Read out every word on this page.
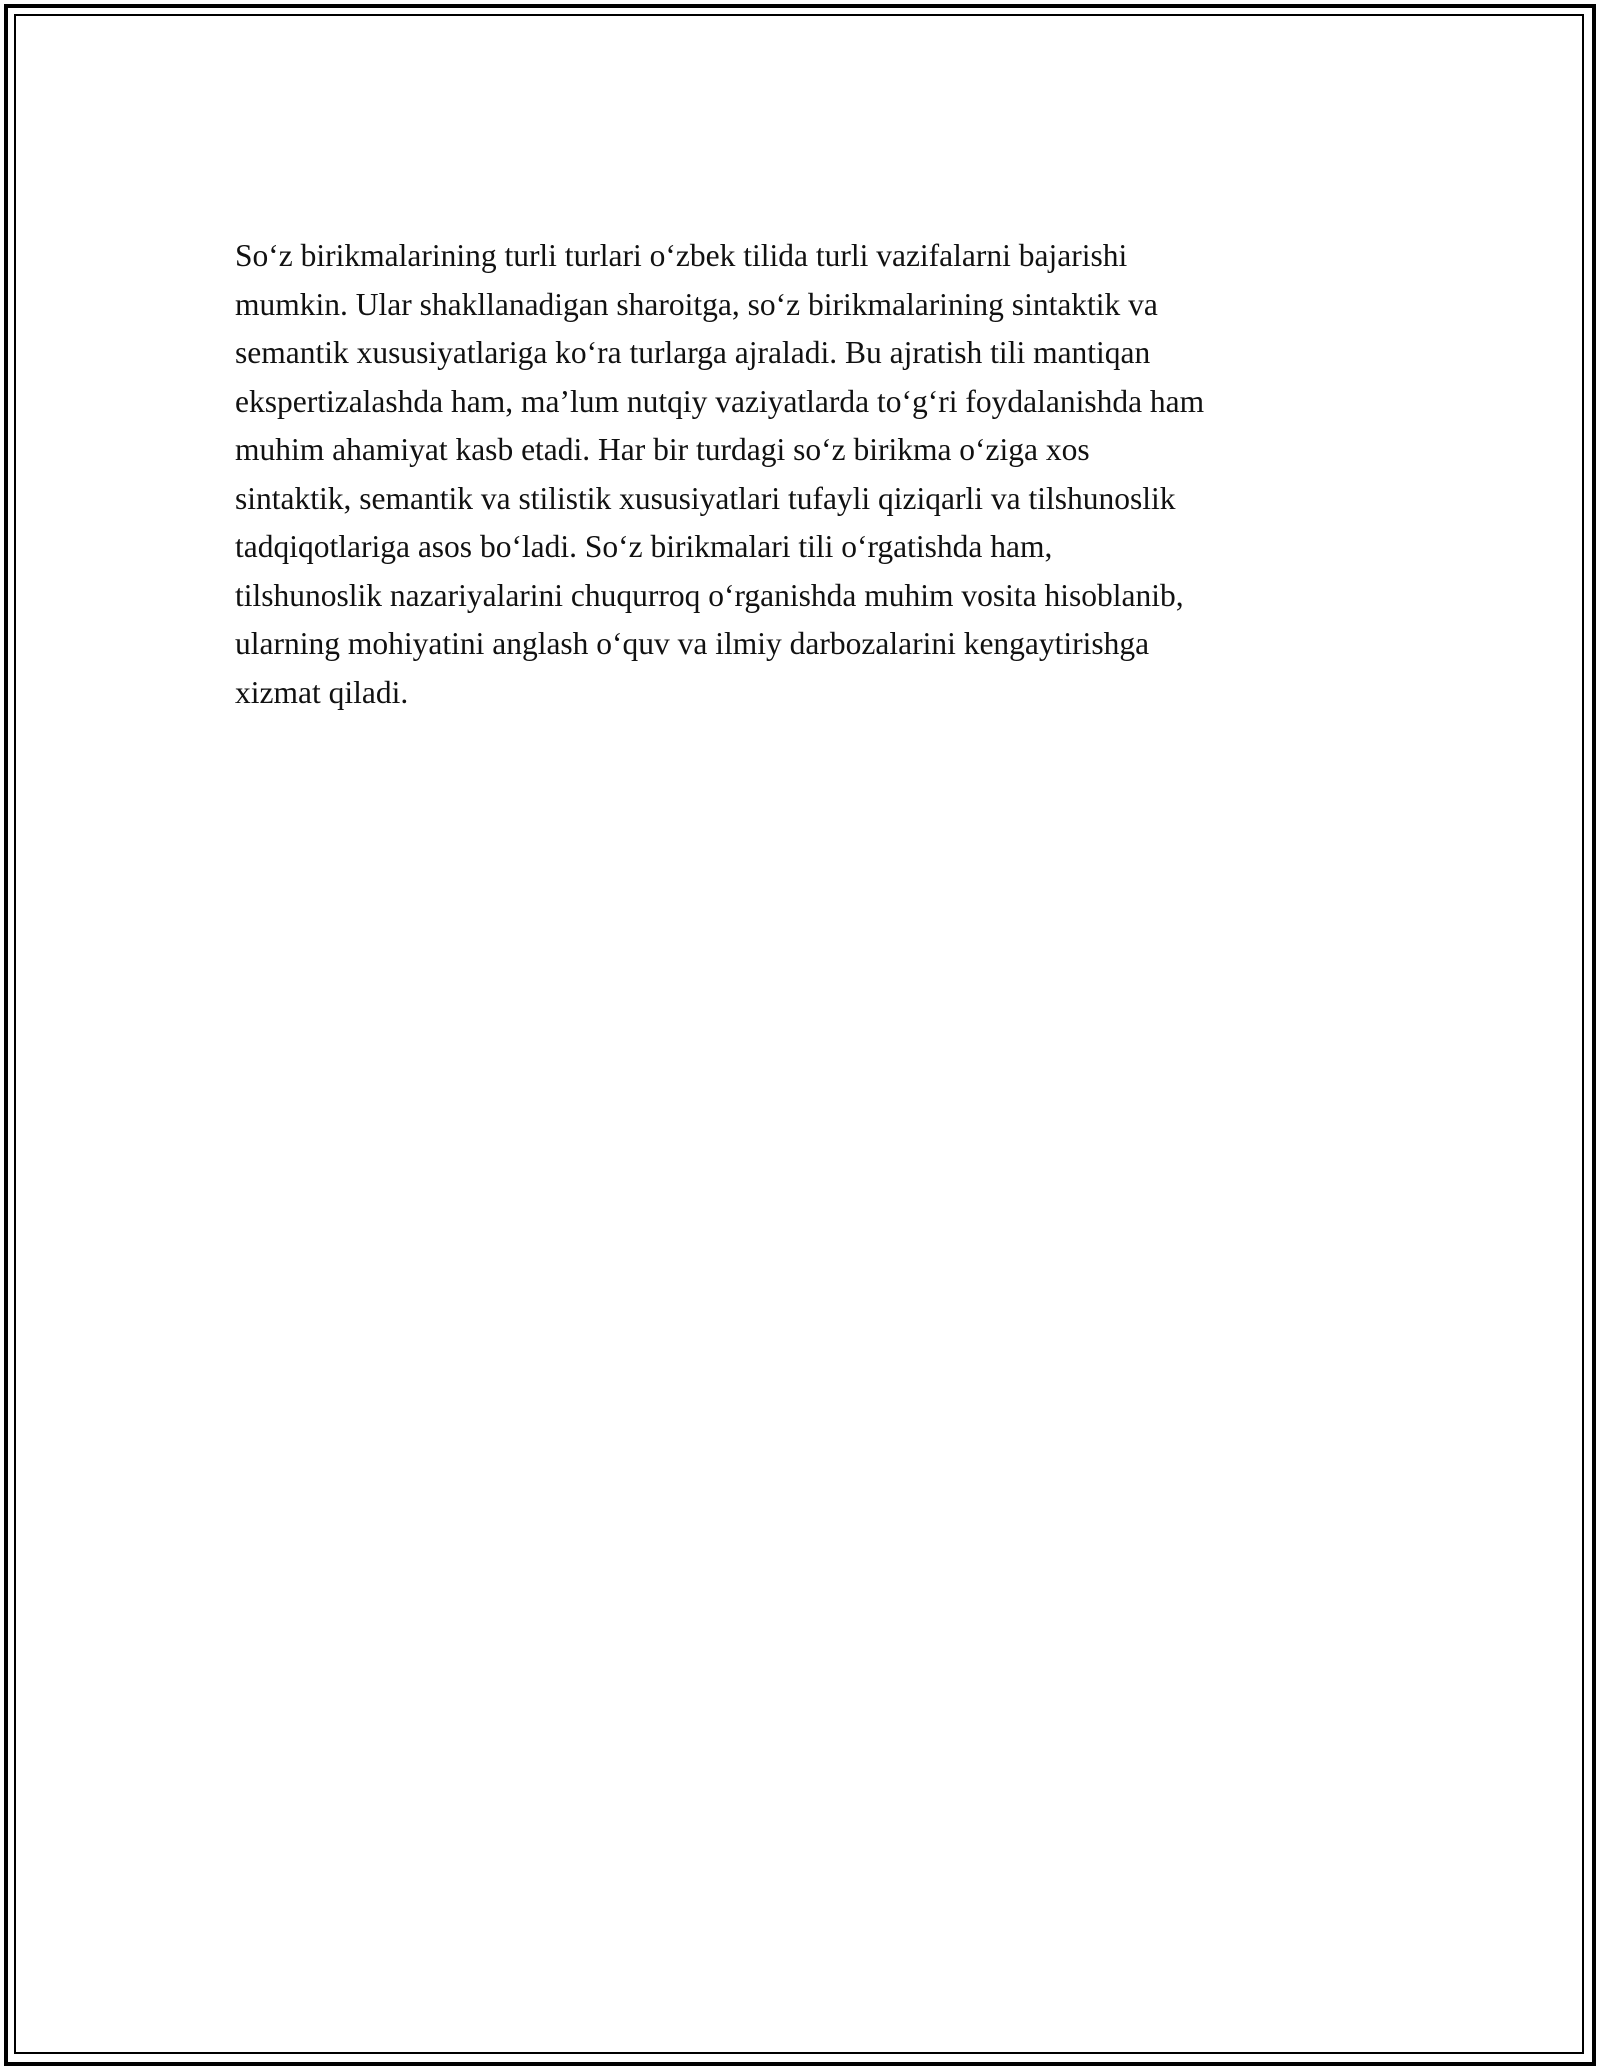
So‘z birikmalarining turli turlari o‘zbek tilida turli vazifalarni bajarishi
mumkin. Ular shakllanadigan sharoitga, so‘z birikmalarining sintaktik va
semantik xususiyatlariga ko‘ra turlarga ajraladi. Bu ajratish tili mantiqan
ekspertizalashda ham, ma’lum nutqiy vaziyatlarda to‘g‘ri foydalanishda ham
muhim ahamiyat kasb etadi. Har bir turdagi so‘z birikma o‘ziga xos
sintaktik, semantik va stilistik xususiyatlari tufayli qiziqarli va tilshunoslik
tadqiqotlariga asos bo‘ladi. So‘z birikmalari tili o‘rgatishda ham,
tilshunoslik nazariyalarini chuqurroq o‘rganishda muhim vosita hisoblanib,
ularning mohiyatini anglash o‘quv va ilmiy darbozalarini kengaytirishga
xizmat qiladi.
